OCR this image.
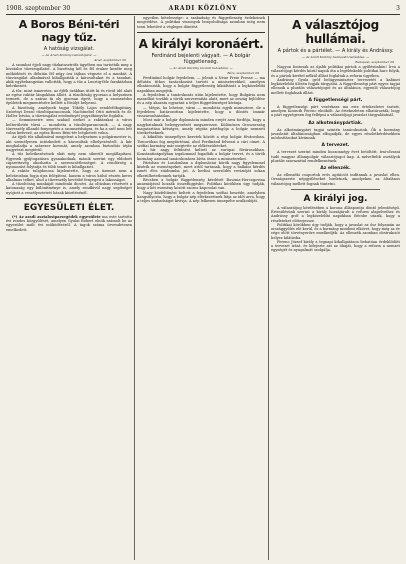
1908. szeptember 30	ARADI KÖZLÖNY	3
A Boros Béni-téri nagy tűz.
A hatóság vizsgálat.
— Az Aradi Közlöny tudósítójától. —
Arad, szeptember 29

A szombat éjjeli nagy tűzkatasztrófa ügyében ma tartották meg a hivatalos tűzvizsgálatot. A bizottság kél és fél órakor kezdte meg működését és délután fél négy óra tájban végezte el a munkát. A tűzvizsgálat alkalmával kihallgatták a károsultakat és a tanukat, akik egybehangzóan vallották, hogy a tűz a Lusztig-féle faraktárban keletkezett.

A tűz, mint ismeretes, az éjféli órákban ütött ki és rövid idő alatt az egész raktár lángokban állott. A tűzoltóság gyorsan a helyszínen termett, de a száraz fa oly gyorsan égett, hogy a szomszédos épületek megmentésére kellett a fősúlyt helyezni.

A bizottság, amelynek tagjai Tököly Lajos rendőrfőkapitány, Szörényi Dezső tűzoltóparancsnok, Nachtnebel Ottó mérnök és dr. Holler István, a tűzvizsgálat eredményét jegyzőkönyvbe foglalta.

— Semmiesetre sem szabad ezeket a raktárakat a város belterületén tűrni — mondotta a tűzoltóparancsnok. — A nagy tűzveszély állandó fenyegetés a szomszédságra, és ha a szél nem lett volna kedvező, az egész Boros Béni-tér leéghetett volna.

Az éjjeli tűz alkalmával megjelent a helyszínen a polgármester is, aki személyesen intézkedett a károsultak elhelyezéséről. A kár meghaladja a százezer koronát, amely azonban biztosítás útján nagyrészt megtérül.

A tűz keletkezésének okát még nem sikerült megállapítani. Egyesek gyújtogatásra gyanakodnak, mások szerint egy eldobott cigarettavég okozhatta a szerencsétlenséget. A rendőrség a nyomozást folytatja és több tanút is kihallgatott.

A raktár tulajdonosa kijelentette, hogy az üzemet nem a belvárosban fogja újra felépíteni, hanem a város külső részén keres alkalmas telket, ahol a tűzveszély kevésbé fenyegeti a lakosságot.

A tűzoltóság munkáját mindenki dicséri. Az oltásban résztvett a katonaság egy különítménye is, amely rendkívül nagy segítséget nyújtott a veszélyeztetett házak kiürítésénél.

EGYESÜLETI ÉLET.

(*) Az aradi asztalosiparsegédek egyesülete ma este tartotta évi rendes közgyűlését, amelyen Gyulai Róbert elnök számolt be az egyesület múlt évi működéséről. A tagok száma örvendetesen emelkedett.

egyetlen kötelessége: a szabadság és függetlenség érdekeinek megvédése. A politikai viszonyok bonyolultsága azonban még nem teszi lehetővé a végleges döntést.

A királyi koronáért.
Ferdinánd bejelenti vágyait. — A bolgár függetlenség.
— Az Aradi Közlöny távirati tudósítása. —
Bécs, szeptember 29

Ferdinánd bolgár fejedelem, — jelenti a Neue Freie Presse — ma délután titkos tanácskozást tartott a miniszterekkel, amelyen elhatározták, hogy a bolgár függetlenség kikiáltását a legközelebbi napokban megejtik.

A fejedelem a tanácskozás után kijelentette, hogy Bulgária nem maradhat tovább a török szuverenitás alatt, mert az ország fejlődése és a nép akarata egyaránt a teljes függetlenséget kívánja.

— Mégis, ha lehetne, várni — mondotta egyik minisztere, de a fejedelem határozottan kijelentette, hogy a döntés immár visszavonhatatlan.

Most már a bolgár diplomácia minden erejét arra fordítja, hogy a nagyhatalmak beleegyezését megszerezze. Különösen Oroszország magatartása kétséges, amely régóta pártfogója a bolgár nemzeti törekvéseknek.

A kikiáltás ünnepélyes keretek között a régi bolgár fővárosban, Tirnovóban fog megtörténni, ahol Ferdinánd felveszi a cári címet. A szófiai kormány már megtette az előkészületeket.

A hír nagy feltűnést keltett az európai fővárosokban. Konstantinápolyban izgalommal fogadták a bolgár tervet, és a török kormány azonnal tanácskozásra hívta össze a minisztereket.

Párisban és Londonban a diplomáciai körök nagy figyelemmel kísérik az eseményeket, mert attól tartanak, hogy a balkáni kérdés ismét éles stádiumba jut. A berlini szerződés revízióját sokan elkerülhetetlennek tartják.

Bécsben a bolgár függetlenség kérdését Bosznia-Hercegovina annexiójával hozzák összefüggésbe. Politikai körökben úgy tudják, hogy a két esemény között szoros kapcsolat van.

Nagy közfeltűnést keltett a fejedelem szófiai beszéde, amelyben hangsúlyozta, hogy a bolgár nép elérkezettnek látja az időt arra, hogy a teljes szabadságot kivívja. A nép lelkesen ünnepelte uralkodóját.

A választójog hullámai.
A pártok és a pártélet. — A király és Andrássy.
— Az Aradi Közlöny budapesti tudósítása. —
Budapest, szeptember 29

Nagyon fontosak az újabb politikai pártok a gyűlésünkön! Írva a választójogi kérdés körül napok óta a legélénkebb politikai harc folyik, és a pártok kivétel nélkül állást foglaltak a reform ügyében.

Andrássy Gyula gróf belügyminiszter tervezetét a kabinet legközelebbi ülésén fogják tárgyalni. A függetlenségi párt egyes tagjai ellenzik a plurális választójogot és az általános, egyenlő választójog mellett foglalnak állást.

A függetlenségi párt.

A függetlenségi párt vezérkara ma este értekezletet tartott, amelyen Kossuth Ferenc elnökölt. Az értekezleten elhatározták, hogy a párt egységesen fog fellépni a választójogi javaslat tárgyalásánál.

Az alkotmánypártiak.

Az alkotmánypárt tagjai szintén tanácskoztak. Ők a kormány javaslatát általánosságban elfogadják, de egyes részletkérdésekben módosításokat kívánnak.

A tervezet.

A tervezet szerint minden huszonnégy évet betöltött, írni-olvasni tudó magyar állampolgár választójogot kap. A műveltebb osztályok plurális szavazattal rendelkeznének.

Az ellenzék.

Az ellenzéki csoportok erős agitációt indítanak a javaslat ellen. Országszerte népgyűléseket hirdetnek, amelyeken az általános választójog mellett fognak tüntetni.

A királyi jog.

A választójog kérdésében a korona álláspontja döntő jelentőségű. Értesülésünk szerint a király hozzájárult a reform alapelveihez és Andrássy gróf a legközelebbi napokban Bécsbe utazik, hogy a részleteket előterjessze.

Politikai körökben úgy tudják, hogy a javaslat az ősz folyamán az országgyűlés elé kerül, és a kormány mindent elkövet, hogy még az év vége előtt törvényerőre emelkedjék. Az ellenzék azonban obstrukciót helyez kilátásba.

Ferenc József király a tegnapi kihallgatáson behatóan érdeklődött a tervezet iránt, és kifejezte azt az óhaját, hogy a reform a nemzet egységét és nyugalmát szolgálja.
